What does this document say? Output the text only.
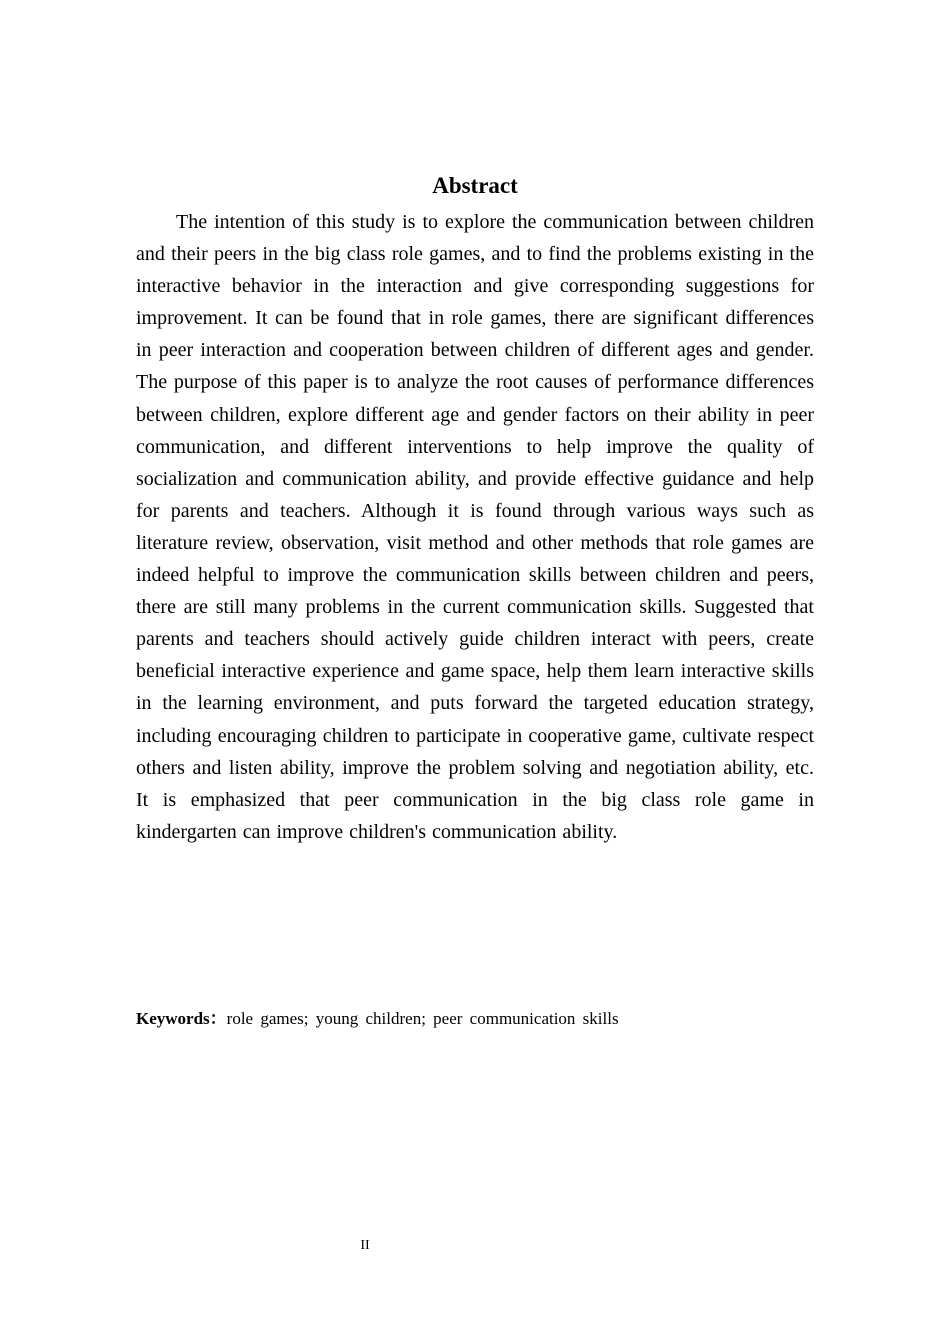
Abstract

The intention of this study is to explore the communication between children and their peers in the big class role games, and to find the problems existing in the interactive behavior in the interaction and give corresponding suggestions for improvement. It can be found that in role games, there are significant differences in peer interaction and cooperation between children of different ages and gender. The purpose of this paper is to analyze the root causes of performance differences between children, explore different age and gender factors on their ability in peer communication, and different interventions to help improve the quality of socialization and communication ability, and provide effective guidance and help for parents and teachers. Although it is found through various ways such as literature review, observation, visit method and other methods that role games are indeed helpful to improve the communication skills between children and peers, there are still many problems in the current communication skills. Suggested that parents and teachers should actively guide children interact with peers, create beneficial interactive experience and game space, help them learn interactive skills in the learning environment, and puts forward the targeted education strategy, including encouraging children to participate in cooperative game, cultivate respect others and listen ability, improve the problem solving and negotiation ability, etc. It is emphasized that peer communication in the big class role game in kindergarten can improve children's communication ability.

Keywords：role games; young children; peer communication skills
II
